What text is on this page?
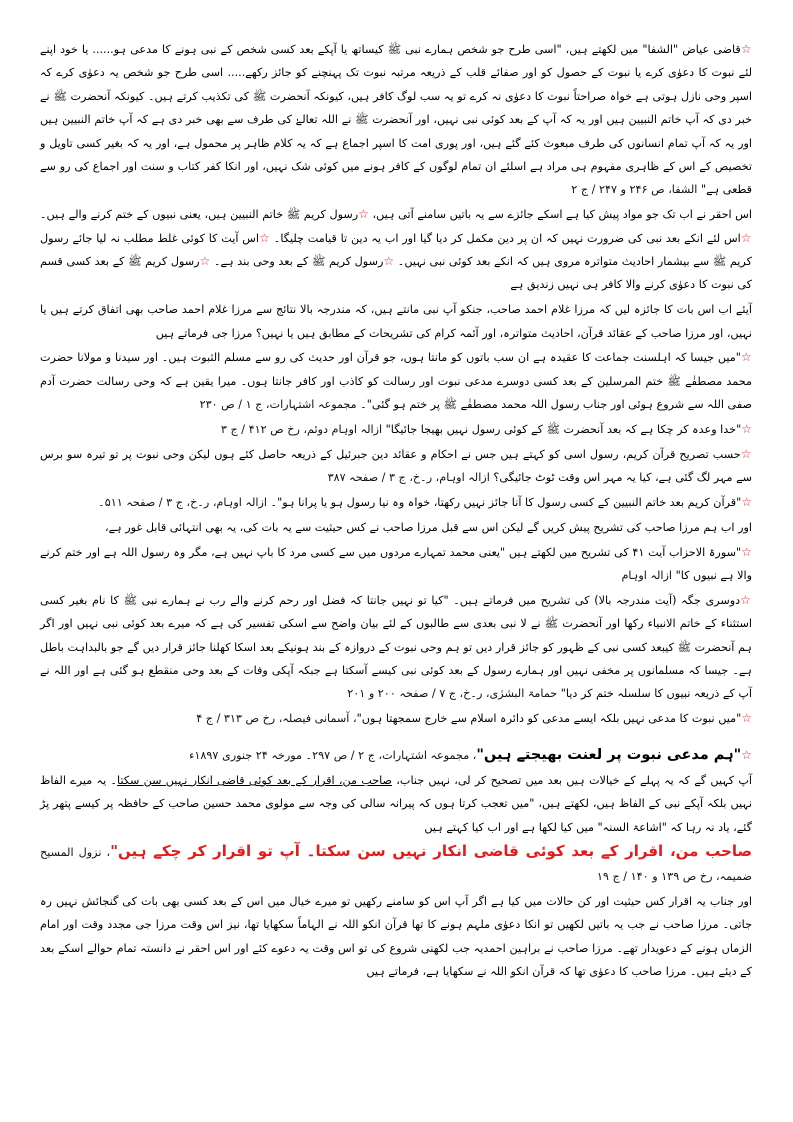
☆قاضی عیاض "الشفا" میں لکھتے ہیں، "اسی طرح جو شخص ہمارے نبی ﷺ کیساتھ یا آپکے بعد کسی شخص کے نبی ہونے کا مدعی ہو...... یا خود اپنے لئے نبوت کا دعوٰی کرے یا نبوت کے حصول کو اور صفائے قلب کے ذریعہ مرتبہ نبوت تک پہنچنے کو جائز رکھے..... اسی طرح جو شخص یہ دعوٰی کرے کہ اسپر وحی نازل ہوتی ہے خواہ صراحتاً نبوت کا دعوٰی نہ کرے تو یہ سب لوگ کافر ہیں، کیونکہ آنحضرت ﷺ کی تکذیب کرتے ہیں۔ کیونکہ آنحضرت ﷺ نے خبر دی کہ آپ خاتم النبیین ہیں اور یہ کہ آپ کے بعد کوئی نبی نہیں، اور آنحضرت ﷺ نے اللہ تعالےٰ کی طرف سے بھی خبر دی ہے کہ آپ خاتم النبیین ہیں اور یہ کہ آپ تمام انسانوں کی طرف مبعوث کئے گئے ہیں، اور پوری امت کا اسپر اجماع ہے کہ یہ کلام ظاہر پر محمول ہے، اور یہ کہ بغیر کسی تاویل و تخصیص کے اس کے ظاہری مفہوم ہی مراد ہے اسلئے ان تمام لوگوں کے کافر ہونے میں کوئی شک نہیں، اور انکا کفر کتاب و سنت اور اجماع کی رو سے قطعی ہے" الشفا، ص ۲۴۶ و ۲۴۷ / ج ۲

اس احقر نے اب تک جو مواد پیش کیا ہے اسکے جائزے سے یہ باتیں سامنے آتی ہیں، ☆رسول کریم ﷺ خاتم النبیین ہیں، یعنی نبیوں کے ختم کرنے والے ہیں۔ ☆اس لئے انکے بعد نبی کی ضرورت نہیں کہ ان پر دین مکمل کر دیا گیا اور اب یہ دین تا قیامت چلیگا۔ ☆اس آیت کا کوئی غلط مطلب نہ لیا جائے رسول کریم ﷺ سے بیشمار احادیث متواترہ مروی ہیں کہ انکے بعد کوئی نبی نہیں۔ ☆رسول کریم ﷺ کے بعد وحی بند ہے۔ ☆رسول کریم ﷺ کے بعد کسی قسم کی نبوت کا دعوٰی کرنے والا کافر ہی نہیں زندیق ہے

آیئے اب اس بات کا جائزہ لیں کہ مرزا غلام احمد صاحب، جنکو آپ نبی مانتے ہیں، کہ مندرجہ بالا نتائج سے مرزا غلام احمد صاحب بھی اتفاق کرتے ہیں یا نہیں، اور مرزا صاحب کے عقائد قرآن، احادیث متواترہ، اور آئمہ کرام کی تشریحات کے مطابق ہیں یا نہیں؟ مرزا جی فرماتے ہیں

☆"میں جیسا کہ اہلسنت جماعت کا عقیدہ ہے ان سب باتوں کو مانتا ہوں، جو قرآن اور حدیث کی رو سے مسلم الثبوت ہیں۔ اور سیدنا و مولانا حضرت محمد مصطفٰے ﷺ ختم المرسلین کے بعد کسی دوسرے مدعی نبوت اور رسالت کو کاذب اور کافر جانتا ہوں۔ میرا یقین ہے کہ وحی رسالت حضرت آدم صفی اللہ سے شروع ہوئی اور جناب رسول اللہ محمد مصطفٰے ﷺ پر ختم ہو گئی"۔ مجموعہ اشتہارات، ج ۱ / ص ۲۳۰

☆"خدا وعدہ کر چکا ہے کہ بعد آنحضرت ﷺ کے کوئی رسول نہیں بھیجا جائیگا" ازالہ اوہام دوئم، رخ ص ۴۱۲ / ج ۳

☆حسب تصریح قرآن کریم، رسول اسی کو کہتے ہیں جس نے احکام و عقائد دین جبرئیل کے ذریعہ حاصل کئے ہوں لیکن وحی نبوت پر تو تیرہ سو برس سے مہر لگ گئی ہے، کیا یہ مہر اس وقت ٹوٹ جائیگی؟ ازالہ اوہام، ر۔خ، ج ۳ / صفحہ ۳۸۷

☆"قرآن کریم بعد خاتم النبیین کے کسی رسول کا آنا جائز نہیں رکھتا، خواہ وہ نیا رسول ہو یا پرانا ہو"۔ ازالہ اوہام، ر۔خ، ج ۳ / صفحہ ۵۱۱۔

اور اب ہم مرزا صاحب کی تشریح پیش کریں گے لیکن اس سے قبل مرزا صاحب نے کس حیثیت سے یہ بات کی، یہ بھی انتہائی قابل غور ہے،

☆"سورۃ الاحزاب آیت ۴۱ کی تشریح میں لکھتے ہیں "یعنی محمد تمہارے مردوں میں سے کسی مرد کا باپ نہیں ہے، مگر وہ رسول اللہ ہے اور ختم کرنے والا ہے نبیوں کا" ازالہ اوہام

☆دوسری جگہ (آیت مندرجہ بالا) کی تشریح میں فرماتے ہیں۔ "کیا تو نہیں جانتا کہ فضل اور رحم کرنے والے رب نے ہمارے نبی ﷺ کا نام بغیر کسی استثناء کے خاتم الانبیاء رکھا اور آنحضرت ﷺ نے لا نبی بعدی سے طالبوں کے لئے بیان واضح سے اسکی تفسیر کی ہے کہ میرے بعد کوئی نبی نہیں اور اگر ہم آنحضرت ﷺ کیبعد کسی نبی کے ظہور کو جائز قرار دیں تو ہم وحی نبوت کے دروازہ کے بند ہونیکے بعد اسکا کھلنا جائز قرار دیں گے جو بالبداہت باطل ہے۔ جیسا کہ مسلمانوں پر مخفی نہیں اور ہمارے رسول کے بعد کوئی نبی کیسے آسکتا ہے جبکہ آپکی وفات کے بعد وحی منقطع ہو گئی ہے اور اللہ نے آپ کے ذریعہ نبیوں کا سلسلہ ختم کر دیا" حمامۃ البشرٰی، ر۔خ، ج ۷ / صفحہ ۲۰۰ و ۲۰۱

☆"میں نبوت کا مدعی نہیں بلکہ ایسے مدعی کو دائرہ اسلام سے خارج سمجھتا ہوں"، آسمانی فیصلہ، رخ ص ۳۱۳ / ج ۴

☆"ہم مدعی نبوت پر لعنت بھیجتے ہیں"، مجموعہ اشتہارات، ج ۲ / ص ۲۹۷۔ مورخہ ۲۴ جنوری ۱۸۹۷ء

آپ کہیں گے کہ یہ پہلے کے خیالات ہیں بعد میں تصحیح کر لی، نہیں جناب، صاحب من، اقرار کے بعد کوئی قاضی انکار نہیں سن سکتا۔ یہ میرے الفاظ نہیں بلکہ آپکے نبی کے الفاظ ہیں، لکھتے ہیں، "میں تعجب کرتا ہوں کہ پیرانہ سالی کی وجہ سے مولوی محمد حسین صاحب کے حافظہ پر کیسے پتھر پڑ گئے، یاد نہ رہا کہ "اشاعۃ السنہ" میں کیا لکھا ہے اور اب کیا کہتے ہیں

صاحب من، اقرار کے بعد کوئی قاضی انکار نہیں سن سکتا۔ آپ تو اقرار کر چکے ہیں"، نزول المسیح ضمیمہ، رخ ص ۱۳۹ و ۱۴۰ / ج ۱۹

اور جناب یہ اقرار کس حیثیت اور کن حالات میں کیا ہے اگر آپ اس کو سامنے رکھیں تو میرے خیال میں اس کے بعد کسی بھی بات کی گنجائش نہیں رہ جاتی۔ مرزا صاحب نے جب یہ باتیں لکھیں تو انکا دعوٰی ملہم ہونے کا تھا قرآن انکو اللہ نے الہاماً سکھایا تھا، نیز اس وقت مرزا جی مجدد وقت اور امام الزماں ہونے کے دعویدار تھے۔ مرزا صاحب نے براہین احمدیہ جب لکھنی شروع کی تو اس وقت یہ دعوے کئے اور اس احقر نے دانستہ تمام حوالے اسکے بعد کے دیئے ہیں۔ مرزا صاحب کا دعوٰی تھا کہ قرآن انکو اللہ نے سکھایا ہے، فرماتے ہیں
